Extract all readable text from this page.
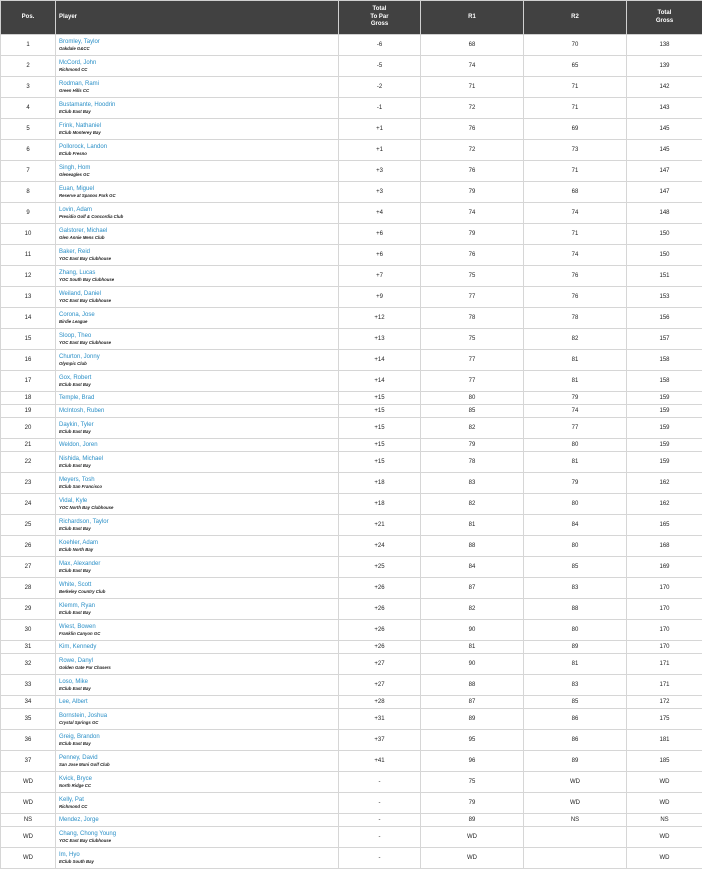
Pos.	Player	Total
To Par
Gross	R1	R2	Total
Gross
1	Bromley, Taylor
Oakdale G&CC	-6	68	70	138
2	McCord, John
Richmond CC	-5	74	65	139
3	Rodman, Rami
Green Hills CC	-2	71	71	142
4	Bustamante, Hoodrin
EClub East Bay	-1	72	71	143
5	Frink, Nathaniel
EClub Monterey Bay	+1	76	69	145
6	Pollorock, Landon
EClub Fresno	+1	72	73	145
7	Singh, Hom
Gleneagles GC	+3	76	71	147
8	Euan, Miguel
Reserve at Spanos Park GC	+3	79	68	147
9	Lovin, Adam
Presidio Golf & Concordia Club	+4	74	74	148
10	Galstorer, Michael
Glen Annie Mens Club	+6	79	71	150
11	Baker, Reid
YOC East Bay Clubhouse	+6	76	74	150
12	Zhang, Lucas
YOC South Bay Clubhouse	+7	75	76	151
13	Weiland, Daniel
YOC East Bay Clubhouse	+9	77	76	153
14	Corona, Jose
Birdie League	+12	78	78	156
15	Sloop, Theo
YOC East Bay Clubhouse	+13	75	82	157
16	Churton, Jonny
Olympic Club	+14	77	81	158
17	Gox, Robert
EClub East Bay	+14	77	81	158
18	Temple, Brad	+15	80	79	159
19	McIntosh, Ruben	+15	85	74	159
20	Daykin, Tyler
EClub East Bay	+15	82	77	159
21	Weldon, Joren	+15	79	80	159
22	Nishida, Michael
EClub East Bay	+15	78	81	159
23	Meyers, Tosh
EClub San Francisco	+18	83	79	162
24	Vidal, Kyle
YOC North Bay Clubhouse	+18	82	80	162
25	Richardson, Taylor
EClub East Bay	+21	81	84	165
26	Koehler, Adam
EClub North Bay	+24	88	80	168
27	Max, Alexander
EClub East Bay	+25	84	85	169
28	White, Scott
Berkeley Country Club	+26	87	83	170
29	Klemm, Ryan
EClub East Bay	+26	82	88	170
30	Wiest, Bowen
Franklin Canyon GC	+26	90	80	170
31	Kim, Kennedy	+26	81	89	170
32	Rowe, Danyl
Golden Gate Par Chasers	+27	90	81	171
33	Loso, Mike
EClub East Bay	+27	88	83	171
34	Lee, Albert	+28	87	85	172
35	Bornstein, Joshua
Crystal Springs GC	+31	89	86	175
36	Greig, Brandon
EClub East Bay	+37	95	86	181
37	Penney, David
San Jose Muni Golf Club	+41	96	89	185
WD	Kvick, Bryce
North Ridge CC	-	75	WD	WD
WD	Kelly, Pat
Richmond CC	-	79	WD	WD
NS	Mendez, Jorge	-	89	NS	NS
WD	Chang, Chong Young
YOC East Bay Clubhouse	-	WD		WD
WD	Im, Hyo
EClub South Bay	-	WD		WD
